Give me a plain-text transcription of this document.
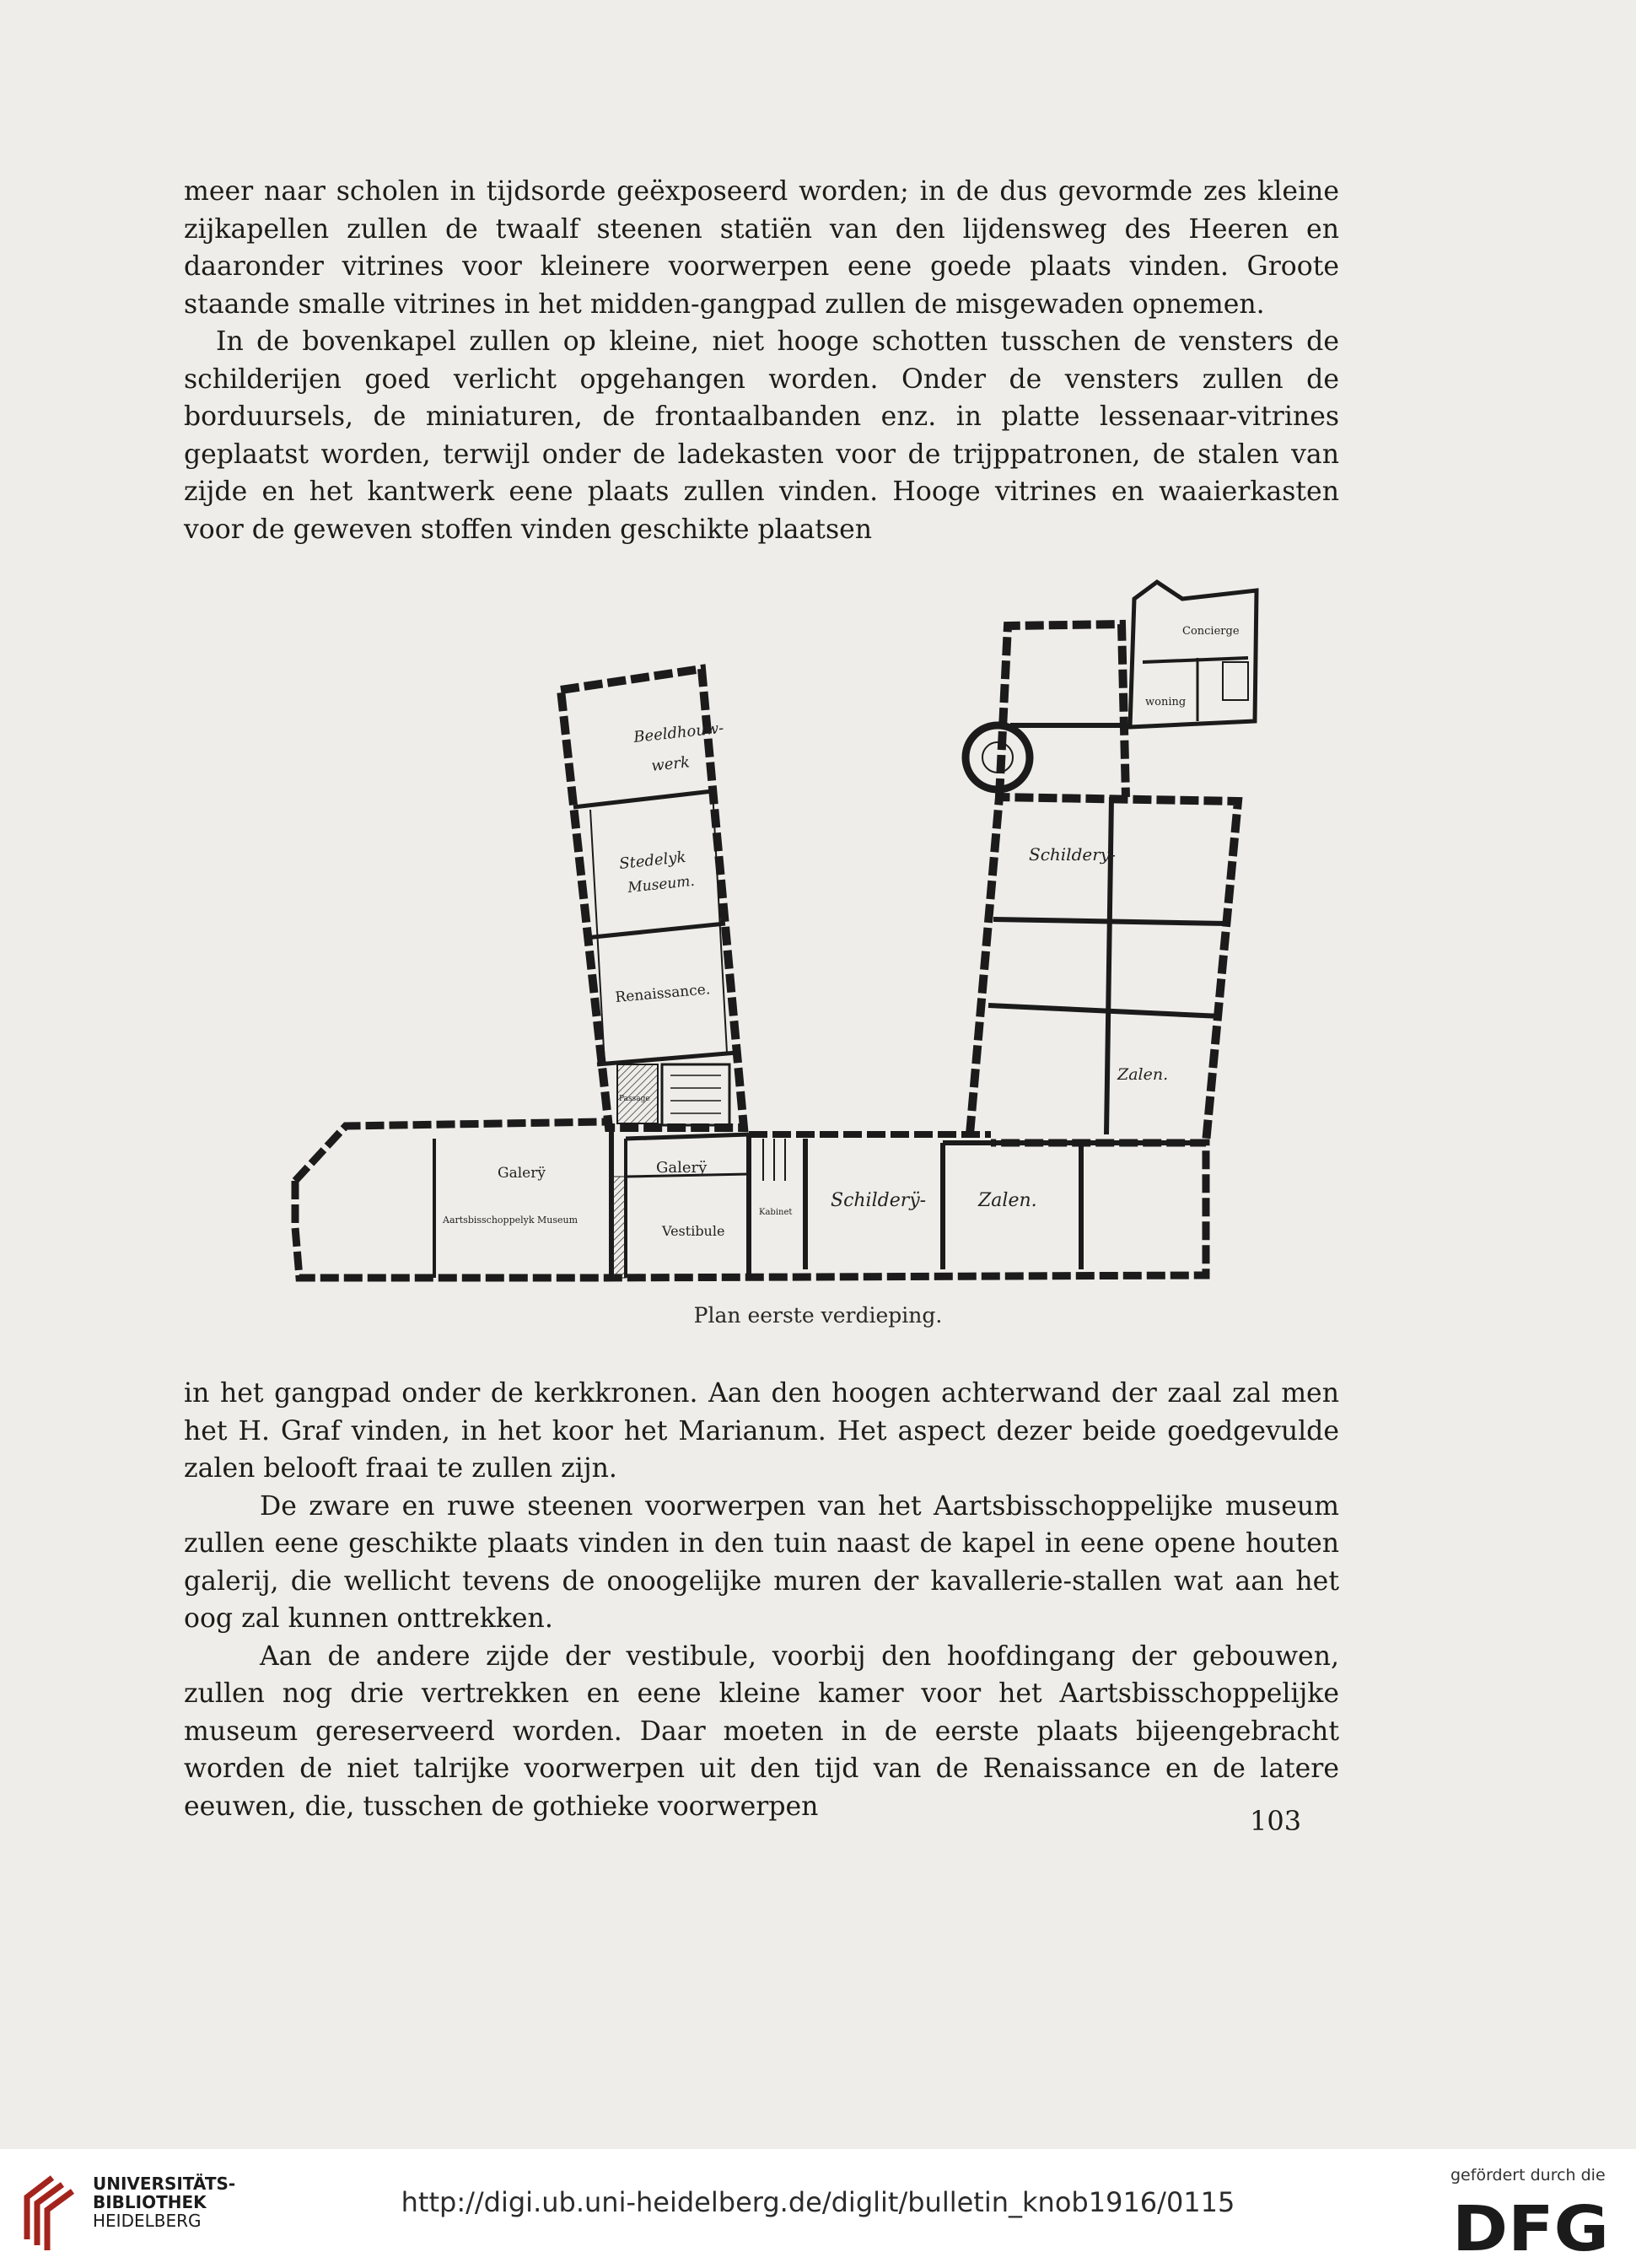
meer naar scholen in tijdsorde geëxposeerd worden; in de dus gevormde zes kleine zijkapellen zullen de twaalf steenen statiën van den lijdensweg des Heeren en daaronder vitrines voor kleinere voorwerpen eene goede plaats vinden. Groote staande smalle vitrines in het midden-gangpad zullen de misgewaden opnemen.

In de bovenkapel zullen op kleine, niet hooge schotten tusschen de vensters de schilderijen goed verlicht opgehangen worden. Onder de vensters zullen de borduursels, de miniaturen, de frontaalbanden enz. in platte lessenaar-vitrines geplaatst worden, terwijl onder de ladekasten voor de trijppatronen, de stalen van zijde en het kantwerk eene plaats zullen vinden. Hooge vitrines en waaierkasten voor de geweven stoffen vinden geschikte plaatsen

Beeldhouw-
werk
Stedelyk
Museum.
Renaissance.
Passage
Galerÿ
Aartsbisschoppelyk Museum
Galerÿ
Vestibule
Kabinet
Schilderÿ-	Zalen.
Schildery-
Zalen.
Concierge
woning
Plan eerste verdieping.

in het gangpad onder de kerkkronen. Aan den hoogen achterwand der zaal zal men het H. Graf vinden, in het koor het Marianum. Het aspect dezer beide goedgevulde zalen belooft fraai te zullen zijn.

De zware en ruwe steenen voorwerpen van het Aartsbisschoppelijke museum zullen eene geschikte plaats vinden in den tuin naast de kapel in eene opene houten galerij, die wellicht tevens de onoogelijke muren der kavallerie-stallen wat aan het oog zal kunnen onttrekken.

Aan de andere zijde der vestibule, voorbij den hoofdingang der gebouwen, zullen nog drie vertrekken en eene kleine kamer voor het Aartsbisschoppelijke museum gereserveerd worden. Daar moeten in de eerste plaats bijeengebracht worden de niet talrijke voorwerpen uit den tijd van de Renaissance en de latere eeuwen, die, tusschen de gothieke voorwerpen	103
UNIVERSITÄTS-
BIBLIOTHEK
HEIDELBERG
http://digi.ub.uni-heidelberg.de/diglit/bulletin_knob1916/0115
gefördert durch die
DFG
